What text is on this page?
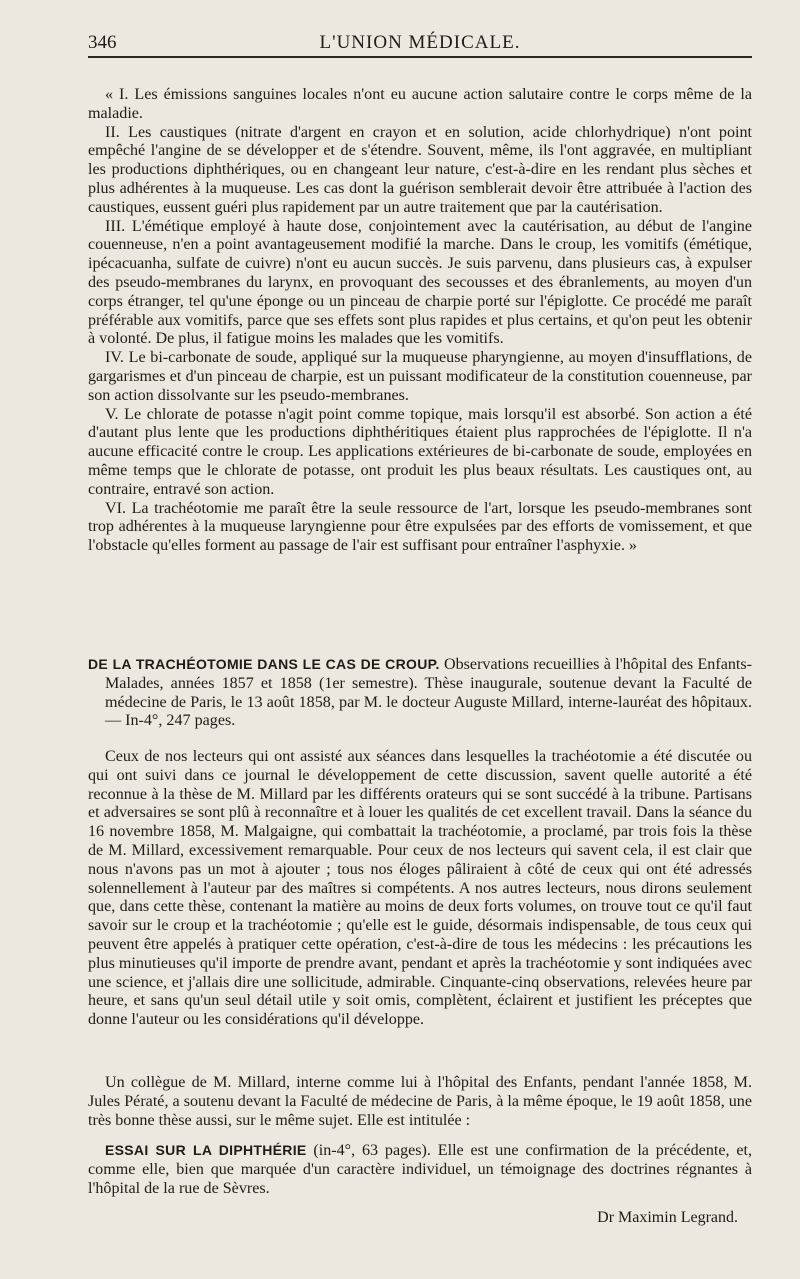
346	L'UNION MÉDICALE.

« I. Les émissions sanguines locales n'ont eu aucune action salutaire contre le corps même de la maladie.

II. Les caustiques (nitrate d'argent en crayon et en solution, acide chlorhydrique) n'ont point empêché l'angine de se développer et de s'étendre. Souvent, même, ils l'ont aggravée, en multipliant les productions diphthériques, ou en changeant leur nature, c'est-à-dire en les rendant plus sèches et plus adhérentes à la muqueuse. Les cas dont la guérison semblerait devoir être attribuée à l'action des caustiques, eussent guéri plus rapidement par un autre traitement que par la cautérisation.

III. L'émétique employé à haute dose, conjointement avec la cautérisation, au début de l'angine couenneuse, n'en a point avantageusement modifié la marche. Dans le croup, les vomitifs (émétique, ipécacuanha, sulfate de cuivre) n'ont eu aucun succès. Je suis parvenu, dans plusieurs cas, à expulser des pseudo-membranes du larynx, en provoquant des secousses et des ébranlements, au moyen d'un corps étranger, tel qu'une éponge ou un pinceau de charpie porté sur l'épiglotte. Ce procédé me paraît préférable aux vomitifs, parce que ses effets sont plus rapides et plus certains, et qu'on peut les obtenir à volonté. De plus, il fatigue moins les malades que les vomitifs.

IV. Le bi-carbonate de soude, appliqué sur la muqueuse pharyngienne, au moyen d'insufflations, de gargarismes et d'un pinceau de charpie, est un puissant modificateur de la constitution couenneuse, par son action dissolvante sur les pseudo-membranes.

V. Le chlorate de potasse n'agit point comme topique, mais lorsqu'il est absorbé. Son action a été d'autant plus lente que les productions diphthéritiques étaient plus rapprochées de l'épiglotte. Il n'a aucune efficacité contre le croup. Les applications extérieures de bi-carbonate de soude, employées en même temps que le chlorate de potasse, ont produit les plus beaux résultats. Les caustiques ont, au contraire, entravé son action.

VI. La trachéotomie me paraît être la seule ressource de l'art, lorsque les pseudo-membranes sont trop adhérentes à la muqueuse laryngienne pour être expulsées par des efforts de vomissement, et que l'obstacle qu'elles forment au passage de l'air est suffisant pour entraîner l'asphyxie. »

DE LA TRACHÉOTOMIE DANS LE CAS DE CROUP. Observations recueillies à l'hôpital des Enfants-Malades, années 1857 et 1858 (1er semestre). Thèse inaugurale, soutenue devant la Faculté de médecine de Paris, le 13 août 1858, par M. le docteur Auguste Millard, interne-lauréat des hôpitaux. — In-4°, 247 pages.

Ceux de nos lecteurs qui ont assisté aux séances dans lesquelles la trachéotomie a été discutée ou qui ont suivi dans ce journal le développement de cette discussion, savent quelle autorité a été reconnue à la thèse de M. Millard par les différents orateurs qui se sont succédé à la tribune. Partisans et adversaires se sont plû à reconnaître et à louer les qualités de cet excellent travail. Dans la séance du 16 novembre 1858, M. Malgaigne, qui combattait la trachéotomie, a proclamé, par trois fois la thèse de M. Millard, excessivement remarquable. Pour ceux de nos lecteurs qui savent cela, il est clair que nous n'avons pas un mot à ajouter ; tous nos éloges pâliraient à côté de ceux qui ont été adressés solennellement à l'auteur par des maîtres si compétents. A nos autres lecteurs, nous dirons seulement que, dans cette thèse, contenant la matière au moins de deux forts volumes, on trouve tout ce qu'il faut savoir sur le croup et la trachéotomie ; qu'elle est le guide, désormais indispensable, de tous ceux qui peuvent être appelés à pratiquer cette opération, c'est-à-dire de tous les médecins : les précautions les plus minutieuses qu'il importe de prendre avant, pendant et après la trachéotomie y sont indiquées avec une science, et j'allais dire une sollicitude, admirable. Cinquante-cinq observations, relevées heure par heure, et sans qu'un seul détail utile y soit omis, complètent, éclairent et justifient les préceptes que donne l'auteur ou les considérations qu'il développe.

Un collègue de M. Millard, interne comme lui à l'hôpital des Enfants, pendant l'année 1858, M. Jules Pératé, a soutenu devant la Faculté de médecine de Paris, à la même époque, le 19 août 1858, une très bonne thèse aussi, sur le même sujet. Elle est intitulée :

ESSAI SUR LA DIPHTHÉRIE (in-4°, 63 pages). Elle est une confirmation de la précédente, et, comme elle, bien que marquée d'un caractère individuel, un témoignage des doctrines régnantes à l'hôpital de la rue de Sèvres.

Dr Maximin Legrand.
